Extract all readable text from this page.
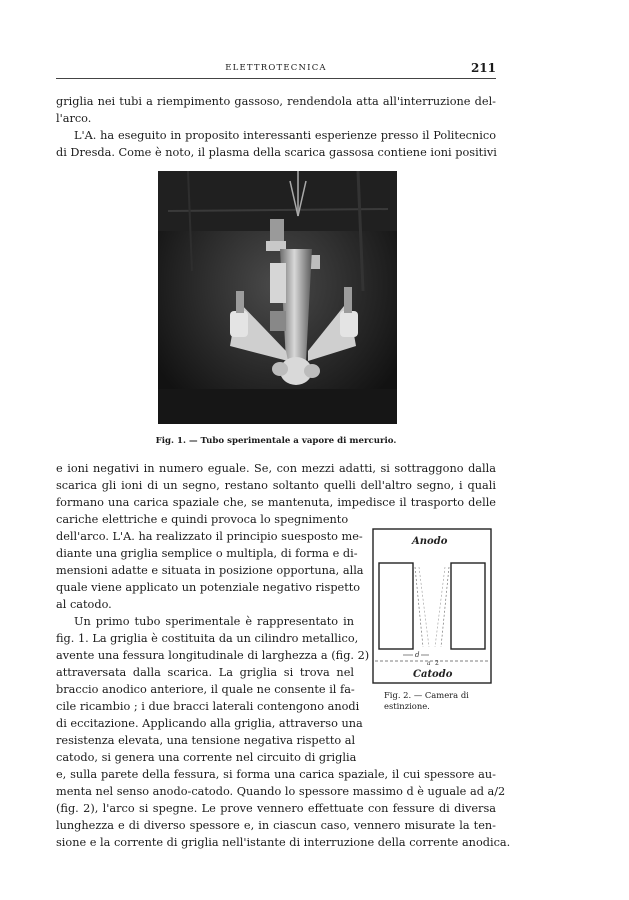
ELETTROTECNICA	211

griglia nei tubi a riempimento gassoso, rendendola atta all'interruzione del-

l'arco.

L'A. ha eseguito in proposito interessanti esperienze presso il Politecnico

di Dresda. Come è noto, il plasma della scarica gassosa contiene ioni positivi

Fig. 1. — Tubo sperimentale a vapore di mercurio.

e ioni negativi in numero eguale. Se, con mezzi adatti, si sottraggono dalla

scarica gli ioni di un segno, restano soltanto quelli dell'altro segno, i quali

formano una carica spaziale che, se mantenuta, impedisce il trasporto delle

cariche elettriche e quindi provoca lo spegnimento

dell'arco. L'A. ha realizzato il principio suesposto me-

diante una griglia semplice o multipla, di forma e di-

mensioni adatte e situata in posizione opportuna, alla

quale viene applicato un potenziale negativo rispetto

al catodo.

Un primo tubo sperimentale è rappresentato in

fig. 1. La griglia è costituita da un cilindro metallico,

avente una fessura longitudinale di larghezza a (fig. 2)

attraversata dalla scarica. La griglia si trova nel

braccio anodico anteriore, il quale ne consente il fa-

cile ricambio ; i due bracci laterali contengono anodi

di eccitazione. Applicando alla griglia, attraverso una

resistenza elevata, una tensione negativa rispetto al

catodo, si genera una corrente nel circuito di griglia

Anodo
d
a 2
Catodo

Fig. 2. — Camera di estinzione.

e, sulla parete della fessura, si forma una carica spaziale, il cui spessore au-

menta nel senso anodo-catodo. Quando lo spessore massimo d è uguale ad a/2

(fig. 2), l'arco si spegne. Le prove vennero effettuate con fessure di diversa

lunghezza e di diverso spessore e, in ciascun caso, vennero misurate la ten-

sione e la corrente di griglia nell'istante di interruzione della corrente anodica.
